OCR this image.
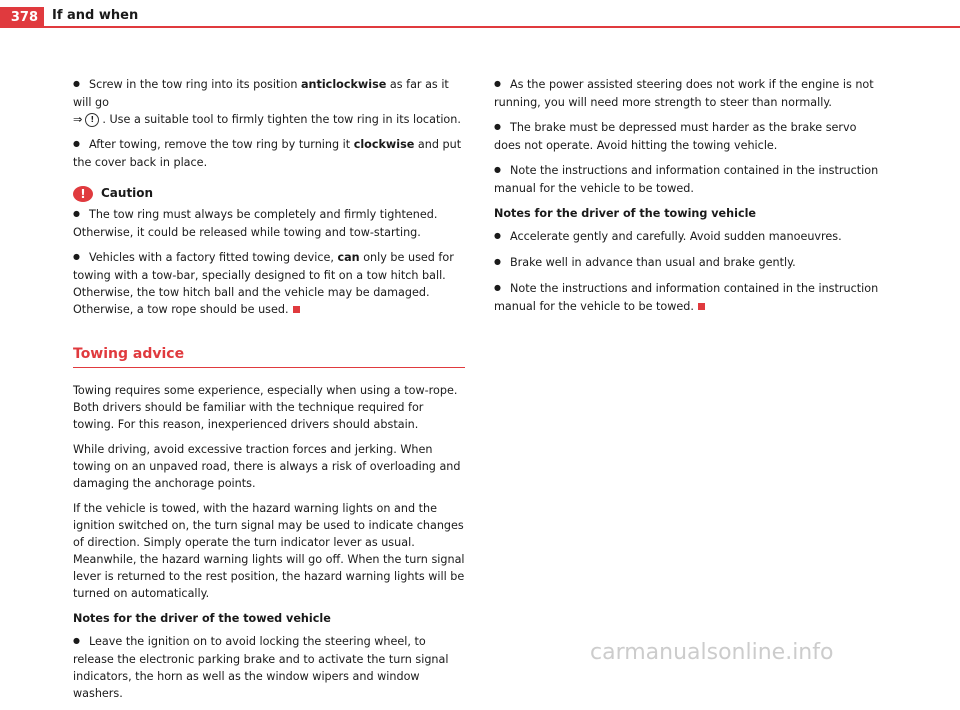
378	If and when

● Screw in the tow ring into its position anticlockwise as far as it will go
⇒ ! . Use a suitable tool to firmly tighten the tow ring in its location.

● After towing, remove the tow ring by turning it clockwise and put the cover back in place.

!	Caution

● The tow ring must always be completely and firmly tightened. Otherwise, it could be released while towing and tow-starting.

● Vehicles with a factory fitted towing device, can only be used for towing with a tow-bar, specially designed to fit on a tow hitch ball. Otherwise, the tow hitch ball and the vehicle may be damaged. Otherwise, a tow rope should be used.

Towing advice

Towing requires some experience, especially when using a tow-rope. Both drivers should be familiar with the technique required for towing. For this reason, inexperienced drivers should abstain.

While driving, avoid excessive traction forces and jerking. When towing on an unpaved road, there is always a risk of overloading and damaging the anchorage points.

If the vehicle is towed, with the hazard warning lights on and the ignition switched on, the turn signal may be used to indicate changes of direction. Simply operate the turn indicator lever as usual. Meanwhile, the hazard warning lights will go off. When the turn signal lever is returned to the rest position, the hazard warning lights will be turned on automatically.

Notes for the driver of the towed vehicle

● Leave the ignition on to avoid locking the steering wheel, to release the electronic parking brake and to activate the turn signal indicators, the horn as well as the window wipers and window washers.

● As the power assisted steering does not work if the engine is not running, you will need more strength to steer than normally.

● The brake must be depressed must harder as the brake servo does not operate. Avoid hitting the towing vehicle.

● Note the instructions and information contained in the instruction manual for the vehicle to be towed.

Notes for the driver of the towing vehicle

● Accelerate gently and carefully. Avoid sudden manoeuvres.

● Brake well in advance than usual and brake gently.

● Note the instructions and information contained in the instruction manual for the vehicle to be towed.

carmanualsonline.info
